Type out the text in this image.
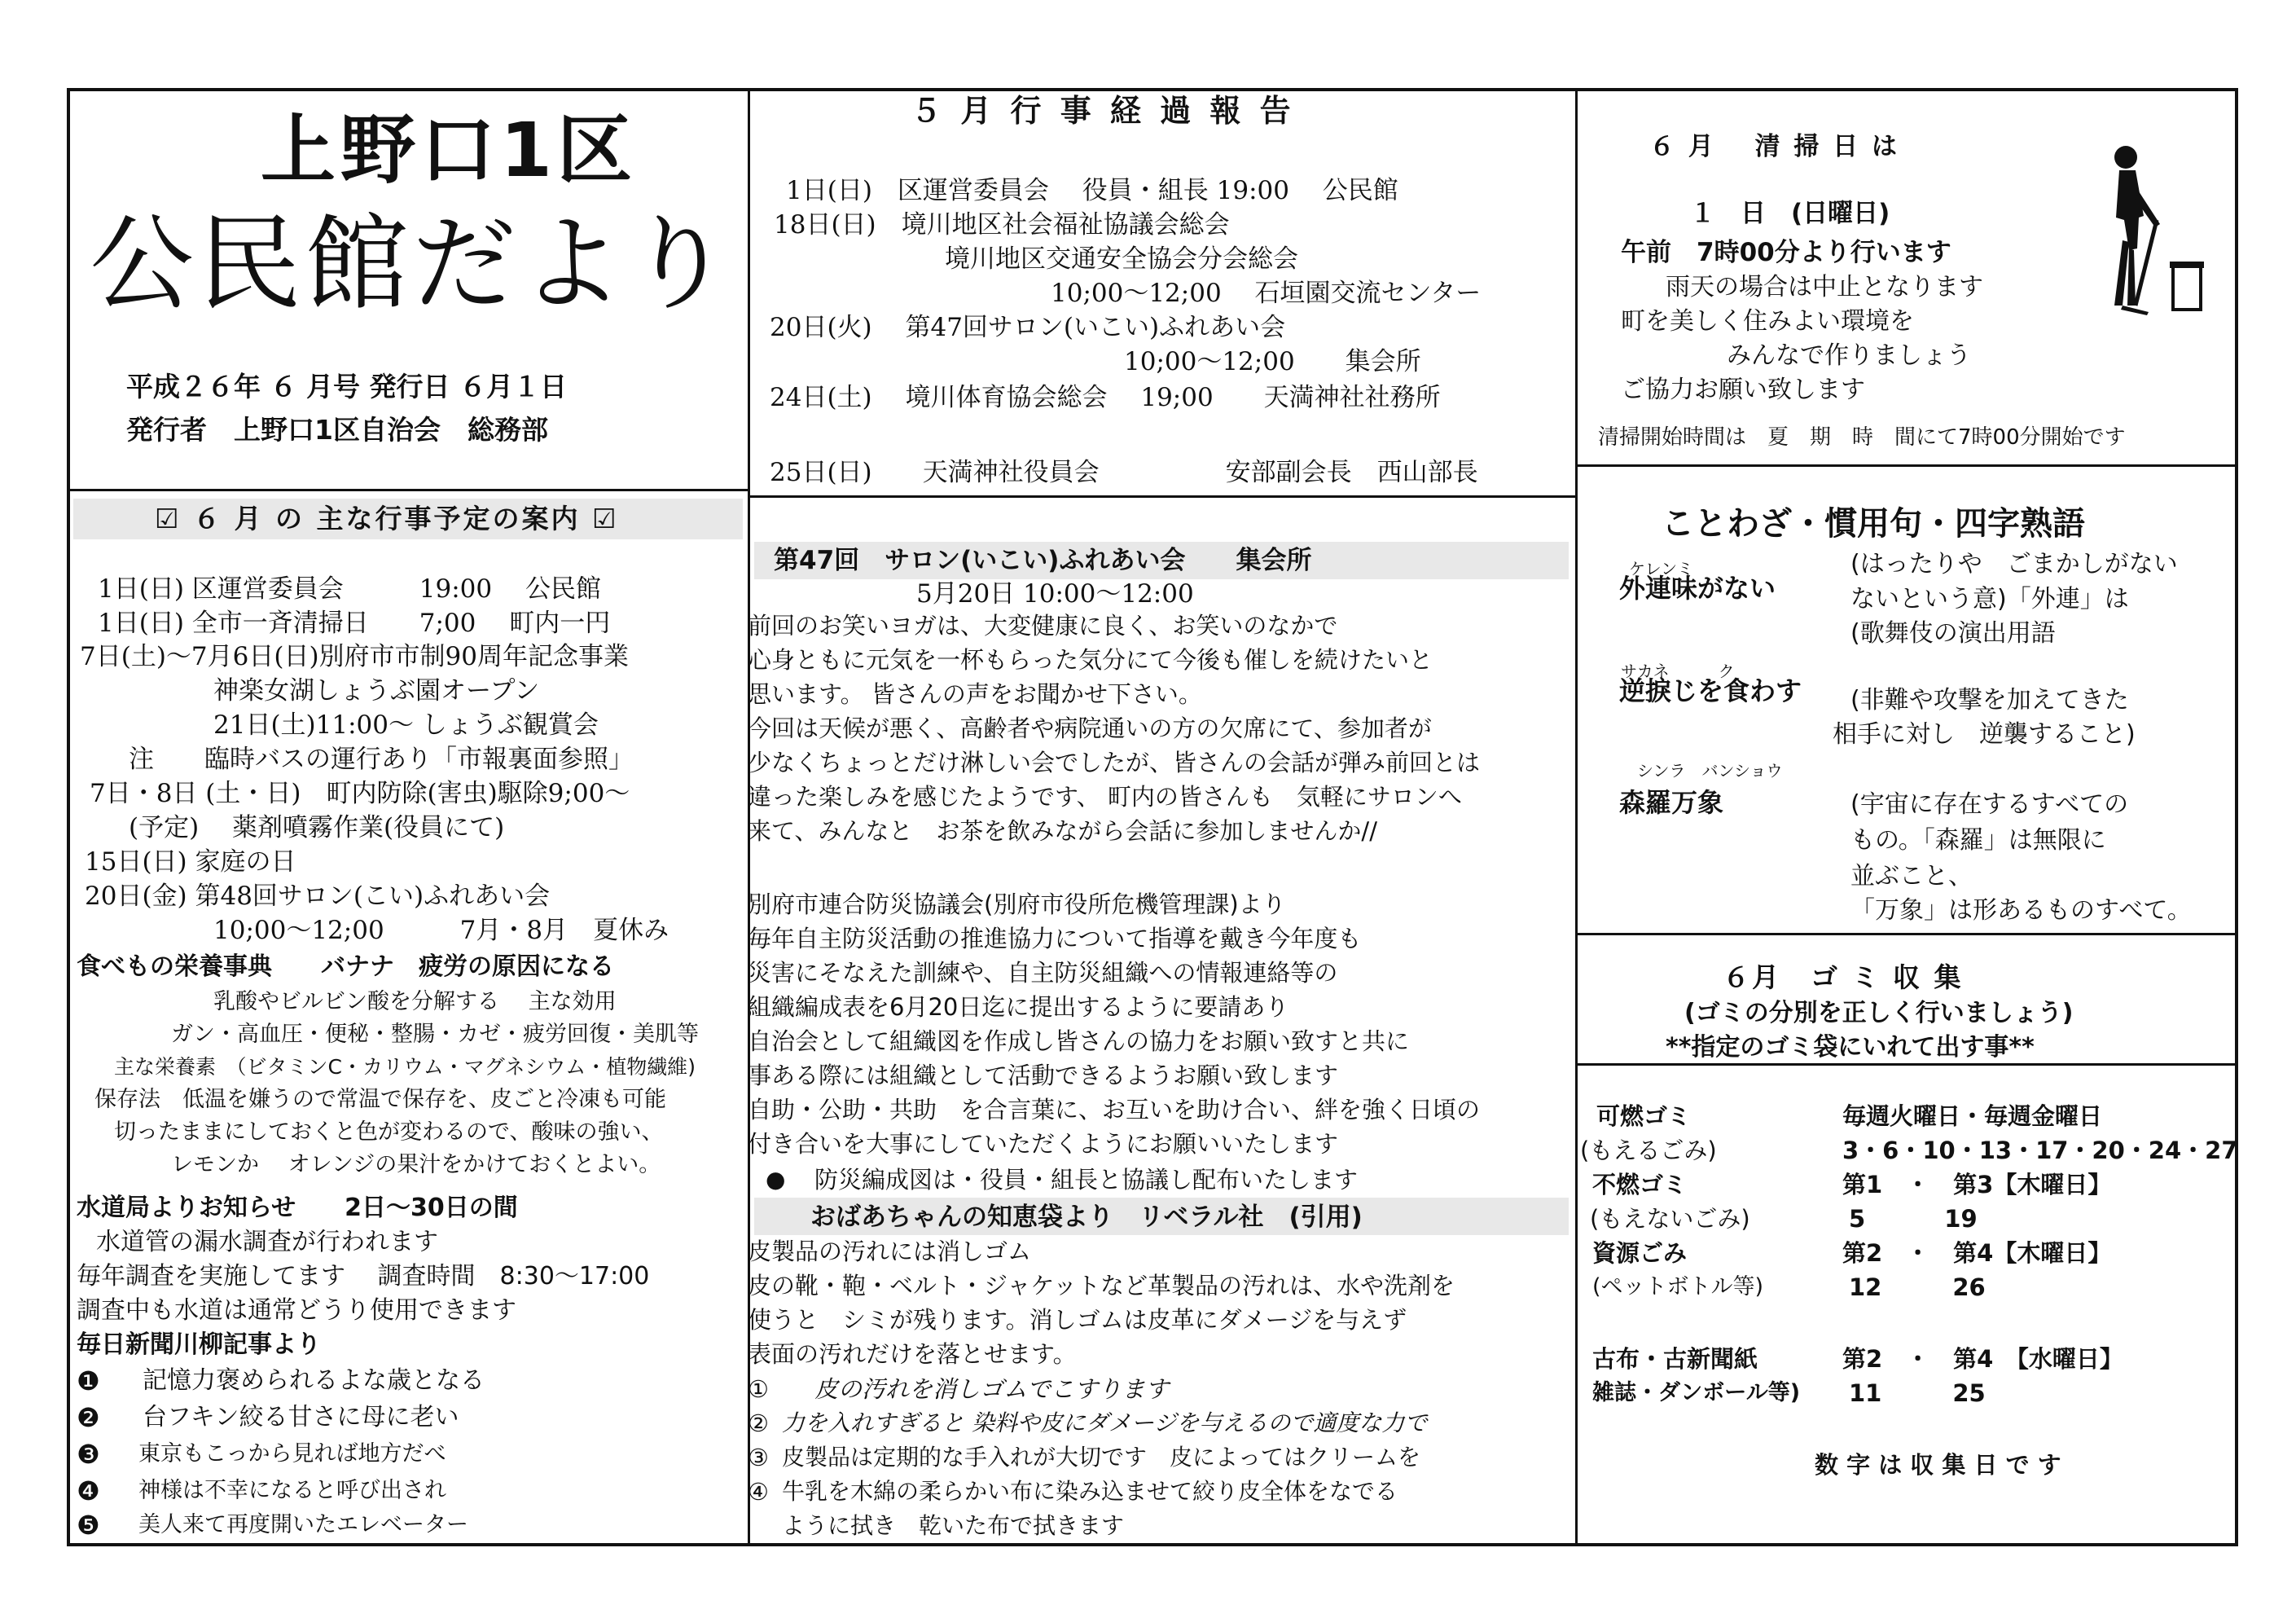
上野口1区
公民館だより
平成２６年 ６ 月号 発行日 ６月１日
発行者　上野口1区自治会　総務部
☑ ６ 月 の 主な行事予定の案内 ☑
1日(日) 区運営委員会　　　19:00　 公民館
1日(日) 全市一斉清掃日　　7;00　 町内一円
7日(土)～7月6日(日)別府市市制90周年記念事業
神楽女湖しょうぶ園オープン
21日(土)11:00～ しょうぶ観賞会
注　　臨時バスの運行あり「市報裏面参照」
7日・8日 (土・日)　町内防除(害虫)駆除9;00～
(予定)　 薬剤噴霧作業(役員にて)
15日(日) 家庭の日
20日(金) 第48回サロン(こい)ふれあい会
10;00～12;00　　　7月・8月　夏休み
食べもの栄養事典　　バナナ　疲労の原因になる
乳酸やビルビン酸を分解する　 主な効用
ガン・高血圧・便秘・整腸・カゼ・疲労回復・美肌等
主な栄養素　（ビタミンC・カリウム・マグネシウム・植物繊維)
保存法　低温を嫌うので常温で保存を、皮ごと冷凍も可能
切ったままにしておくと色が変わるので、酸味の強い、
レモンか　 オレンジの果汁をかけておくとよい。
水道局よりお知らせ　　2日～30日の間
水道管の漏水調査が行われます
毎年調査を実施してます　 調査時間　8:30～17:00
調査中も水道は通常どうり使用できます
毎日新聞川柳記事より
❶ 記憶力褒められるよな歳となる
❷ 台フキン絞る甘さに母に老い
❸ 東京もこっから見れば地方だべ
❹ 神様は不幸になると呼び出され
❺ 美人来て再度開いたエレベーター
５ 月 行 事 経 過 報 告
1日(日)　区運営委員会　 役員・組長 19:00　 公民館
18日(日)　境川地区社会福祉協議会総会
境川地区交通安全協会分会総会
10;00～12;00　 石垣園交流センター
20日(火)　 第47回サロン(いこい)ふれあい会
10;00～12;00　　集会所
24日(土)　 境川体育協会総会　 19;00　　天満神社社務所
25日(日)　　天満神社役員会　　　　　安部副会長　西山部長
第47回　サロン(いこい)ふれあい会　　集会所
5月20日 10:00～12:00
前回のお笑いヨガは、大変健康に良く、お笑いのなかで
心身ともに元気を一杯もらった気分にて今後も催しを続けたいと
思います。 皆さんの声をお聞かせ下さい。
今回は天候が悪く、高齢者や病院通いの方の欠席にて、参加者が
少なくちょっとだけ淋しい会でしたが、皆さんの会話が弾み前回とは
違った楽しみを感じたようです、 町内の皆さんも　気軽にサロンへ
来て、みんなと　お茶を飲みながら会話に参加しませんか//
別府市連合防災協議会(別府市役所危機管理課)より
毎年自主防災活動の推進協力について指導を戴き今年度も
災害にそなえた訓練や、自主防災組織への情報連絡等の
組織編成表を6月20日迄に提出するように要請あり
自治会として組織図を作成し皆さんの協力をお願い致すと共に
事ある際には組織として活動できるようお願い致します
自助・公助・共助　を合言葉に、お互いを助け合い、絆を強く日頃の
付き合いを大事にしていただくようにお願いいたします
● 防災編成図は・役員・組長と協議し配布いたします
おばあちゃんの知恵袋より　リベラル社　(引用)
皮製品の汚れには消しゴム
皮の靴・鞄・ベルト・ジャケットなど革製品の汚れは、水や洗剤を
使うと　シミが残ります。消しゴムは皮革にダメージを与えず
表面の汚れだけを落とせます。
① 皮の汚れを消しゴムでこすります
② 力を入れすぎると 染料や皮にダメージを与えるので適度な力で
③ 皮製品は定期的な手入れが大切です　皮によってはクリームを
④ 牛乳を木綿の柔らかい布に染み込ませて絞り皮全体をなでる
ように拭き　乾いた布で拭きます
６ 月　 清 掃 日 は
１　日　(日曜日)
午前　7時00分より行います
雨天の場合は中止となります
町を美しく住みよい環境を
みんなで作りましょう
ご協力お願い致します
清掃開始時間は　夏　期　時　間にて7時00分開始です
ことわざ・慣用句・四字熟語
ケレンミ
外連味がない
(はったりや　ごまかしがない
ないという意)「外連」は
(歌舞伎の演出用語
サカネ　　　ク
逆捩じを食わす (非難や攻撃を加えてきた
相手に対し　逆襲すること)
シンラ　バンショウ
森羅万象	(宇宙に存在するすべての
もの。「森羅」は無限に
並ぶこと、
「万象」は形あるものすべて。
６月　ゴ ミ 収 集
(ゴミの分別を正しく行いましょう)
**指定のゴミ袋にいれて出す事**
可燃ゴミ	毎週火曜日・毎週金曜日
(もえるごみ)	3・6・10・13・17・20・24・27
不燃ゴミ	第1　・　第3【木曜日】
(もえないごみ)	5　　　 19
資源ごみ	第2　・　第4【木曜日】
(ペットボトル等)	12　　　26
古布・古新聞紙	第2　・　第4　【水曜日】
雑誌・ダンボール等) 11　　　25
数 字 は 収 集 日 で す
